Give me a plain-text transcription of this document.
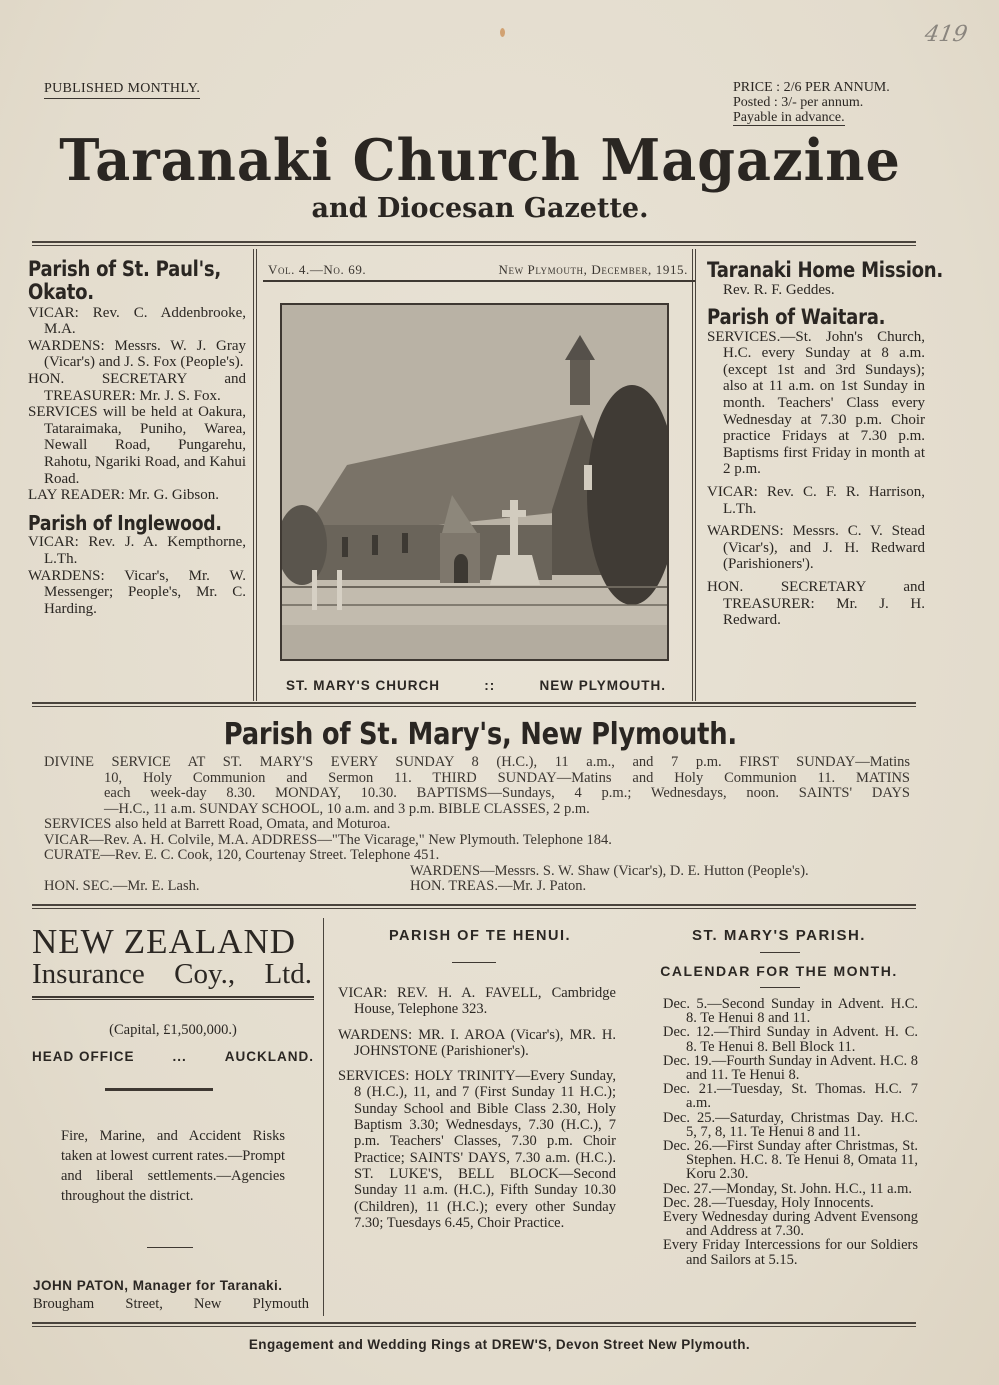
419
PUBLISHED MONTHLY.	PRICE : 2/6 PER ANNUM.
Posted : 3/- per annum.
Payable in advance.
Taranaki Church Magazine
and Diocesan Gazette.
Parish of St. Paul's,
Okato.

VICAR: Rev. C. Addenbrooke, M.A.

WARDENS: Messrs. W. J. Gray (Vicar's) and J. S. Fox (People's).

HON. SECRETARY and TREASURER: Mr. J. S. Fox.

SERVICES will be held at Oakura, Tataraimaka, Puniho, Warea, Newall Road, Pungarehu, Rahotu, Ngariki Road, and Kahui Road.

LAY READER: Mr. G. Gibson.

Parish of Inglewood.

VICAR: Rev. J. A. Kempthorne, L.Th.

WARDENS: Vicar's, Mr. W. Messenger; People's, Mr. C. Harding.

Vol. 4.—No. 69.	New Plymouth, December, 1915.
ST. MARY'S CHURCH	::	NEW PLYMOUTH.
Taranaki Home Mission.
Rev. R. F. Geddes.
Parish of Waitara.

SERVICES.—St. John's Church, H.C. every Sunday at 8 a.m. (except 1st and 3rd Sundays); also at 11 a.m. on 1st Sunday in month. Teachers' Class every Wednesday at 7.30 p.m. Choir practice Fridays at 7.30 p.m. Baptisms first Friday in month at 2 p.m.

VICAR: Rev. C. F. R. Harrison, L.Th.

WARDENS: Messrs. C. V. Stead (Vicar's), and J. H. Redward (Parishioners').

HON. SECRETARY and TREASURER: Mr. J. H. Redward.

Parish of St. Mary's, New Plymouth.
DIVINE SERVICE AT ST. MARY'S EVERY SUNDAY 8 (H.C.), 11 a.m., and 7 p.m. FIRST SUNDAY—Matins
10, Holy Communion and Sermon 11. THIRD SUNDAY—Matins and Holy Communion 11. MATINS
each week-day 8.30. MONDAY, 10.30. BAPTISMS—Sundays, 4 p.m.; Wednesdays, noon. SAINTS' DAYS
—H.C., 11 a.m. SUNDAY SCHOOL, 10 a.m. and 3 p.m. BIBLE CLASSES, 2 p.m.
SERVICES also held at Barrett Road, Omata, and Moturoa.
VICAR—Rev. A. H. Colvile, M.A. ADDRESS—"The Vicarage," New Plymouth. Telephone 184.
CURATE—Rev. E. C. Cook, 120, Courtenay Street. Telephone 451.
WARDENS—Messrs. S. W. Shaw (Vicar's), D. E. Hutton (People's).
HON. SEC.—Mr. E. Lash.	HON. TREAS.—Mr. J. Paton.
NEW ZEALAND
Insurance Coy., Ltd.
(Capital, £1,500,000.)
HEAD OFFICE	...	AUCKLAND.
Fire, Marine, and Accident Risks taken at lowest current rates.—Prompt and liberal settlements.—Agencies throughout the district.
JOHN PATON, Manager for Taranaki.
Brougham Street, New Plymouth
PARISH OF TE HENUI.

VICAR: REV. H. A. FAVELL, Cambridge House, Telephone 323.

WARDENS: MR. I. AROA (Vicar's), MR. H. JOHNSTONE (Parishioner's).

SERVICES: HOLY TRINITY—Every Sunday, 8 (H.C.), 11, and 7 (First Sunday 11 H.C.); Sunday School and Bible Class 2.30, Holy Baptism 3.30; Wednesdays, 7.30 (H.C.), 7 p.m. Teachers' Classes, 7.30 p.m. Choir Practice; SAINTS' DAYS, 7.30 a.m. (H.C.). ST. LUKE'S, BELL BLOCK—Second Sunday 11 a.m. (H.C.), Fifth Sunday 10.30 (Children), 11 (H.C.); every other Sunday 7.30; Tuesdays 6.45, Choir Practice.

ST. MARY'S PARISH.
CALENDAR FOR THE MONTH.

Dec. 5.—Second Sunday in Advent. H.C. 8. Te Henui 8 and 11.

Dec. 12.—Third Sunday in Advent. H. C. 8. Te Henui 8. Bell Block 11.

Dec. 19.—Fourth Sunday in Advent. H.C. 8 and 11. Te Henui 8.

Dec. 21.—Tuesday, St. Thomas. H.C. 7 a.m.

Dec. 25.—Saturday, Christmas Day. H.C. 5, 7, 8, 11. Te Henui 8 and 11.

Dec. 26.—First Sunday after Christmas, St. Stephen. H.C. 8. Te Henui 8, Omata 11, Koru 2.30.

Dec. 27.—Monday, St. John. H.C., 11 a.m.

Dec. 28.—Tuesday, Holy Innocents.

Every Wednesday during Advent Evensong and Address at 7.30.

Every Friday Intercessions for our Soldiers and Sailors at 5.15.

Engagement and Wedding Rings at DREW'S, Devon Street New Plymouth.
